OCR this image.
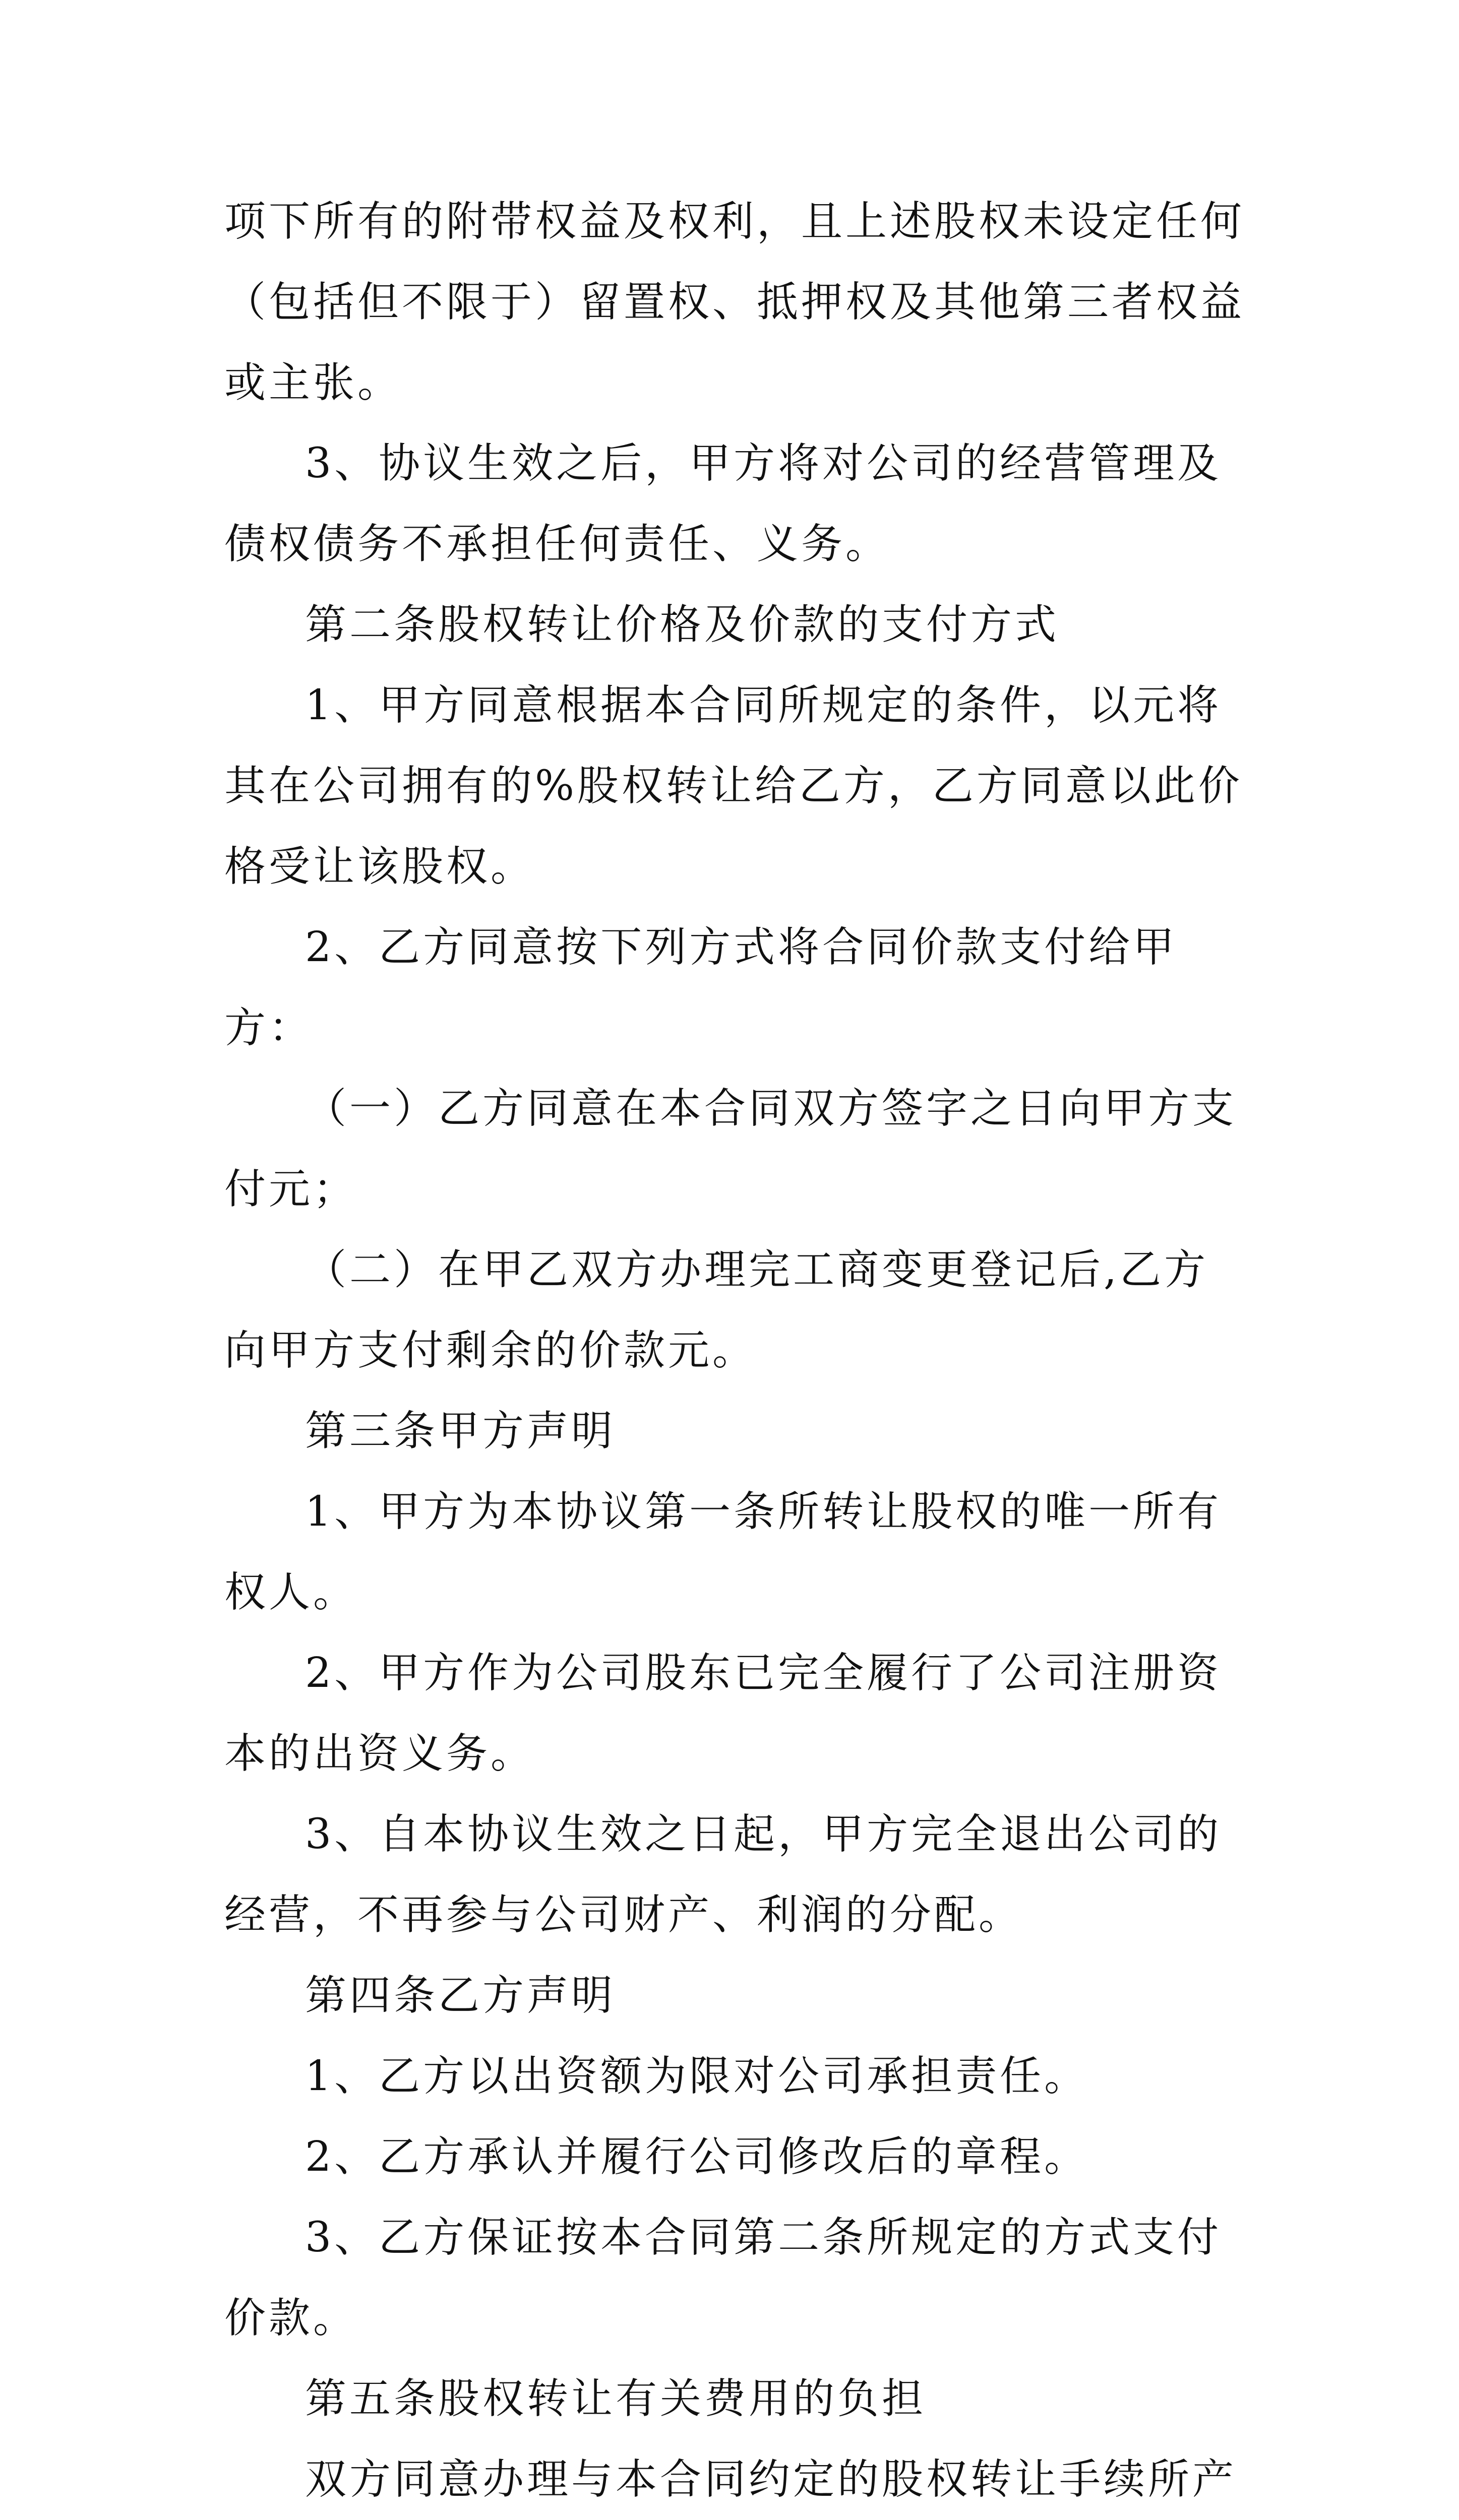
项下所有的附带权益及权利，且上述股权未设定任何（包括但不限于）留置权、抵押权及其他第三者权益或主张。

3、协议生效之后，甲方将对公司的经营管理及债权债务不承担任何责任、义务。

第二条股权转让价格及价款的支付方式

1、甲方同意根据本合同所规定的条件，以元将其在公司拥有的%股权转让给乙方，乙方同意以此价格受让该股权。

2、乙方同意按下列方式将合同价款支付给甲方：

（一）乙方同意在本合同双方签字之日向甲方支付元；

（二）在甲乙双方办理完工商变更登记后,乙方向甲方支付剩余的价款元。

第三条甲方声明

1、甲方为本协议第一条所转让股权的唯一所有权人。

2、甲方作为公司股东已完全履行了公司注册资本的出资义务。

3、自本协议生效之日起，甲方完全退出公司的经营，不再参与公司财产、利润的分配。

第四条乙方声明

1、乙方以出资额为限对公司承担责任。

2、乙方承认并履行公司修改后的章程。

3、乙方保证按本合同第二条所规定的方式支付价款。

第五条股权转让有关费用的负担

双方同意办理与本合同约定的股权转让手续所产
